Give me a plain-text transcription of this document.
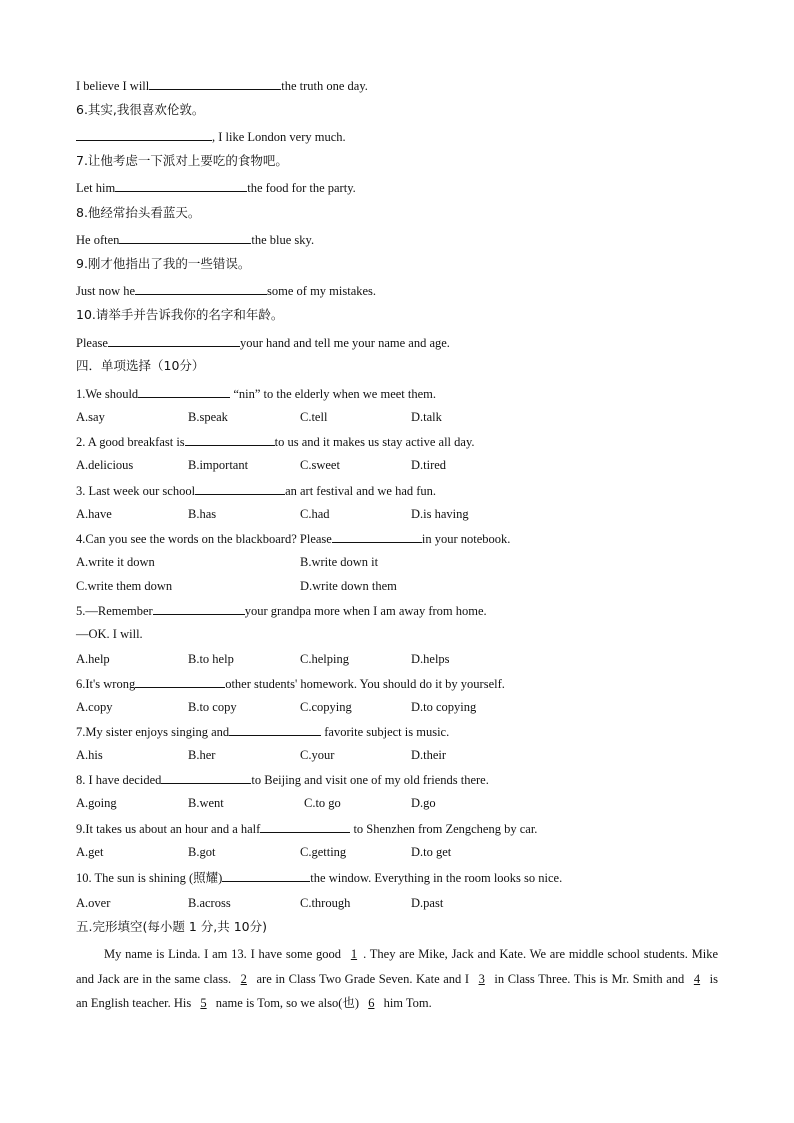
I believe I will	the truth one day.
6.其实,我很喜欢伦敦。
, I like London very much.
7.让他考虑一下派对上要吃的食物吧。
Let him	the food for the party.
8.他经常抬头看蓝天。
He often	the blue sky.
9.刚才他指出了我的一些错误。
Just now he	some of my mistakes.
10.请举手并告诉我你的名字和年龄。
Please	your hand and tell me your name and age.
四．单项选择（10分）
1.We should	“nin” to the elderly when we meet them.
A.say	B.speak	C.tell	D.talk
2. A good breakfast is	to us and it makes us stay active all day.
A.delicious	B.important	C.sweet	D.tired
3. Last week our school	an art festival and we had fun.
A.have	B.has	C.had	D.is having
4.Can you see the words on the blackboard? Please	in your notebook.
A.write it down	B.write down it
C.write them down	D.write down them
5.—Remember	your grandpa more when I am away from home.
—OK. I will.
A.help	B.to help	C.helping	D.helps
6.It's wrong	other students' homework. You should do it by yourself.
A.copy	B.to copy	C.copying	D.to copying
7.My sister enjoys singing and	favorite subject is music.
A.his	B.her	C.your	D.their
8. I have decided	to Beijing and visit one of my old friends there.
A.going	B.went	C.to go	D.go
9.It takes us about an hour and a half	to Shenzhen from Zengcheng by car.
A.get	B.got	C.getting	D.to get
10. The sun is shining (照耀)	the window. Everything in the room looks so nice.
A.over	B.across	C.through	D.past
五.完形填空(每小题 1 分,共 10分)
My name is Linda. I am 13. I have some good 1 . They are Mike, Jack and Kate. We are middle school students. Mike and Jack are in the same class. 2 are in Class Two Grade Seven. Kate and I 3 in Class Three. This is Mr. Smith and 4 is an English teacher. His 5 name is Tom, so we also(也) 6 him Tom.
